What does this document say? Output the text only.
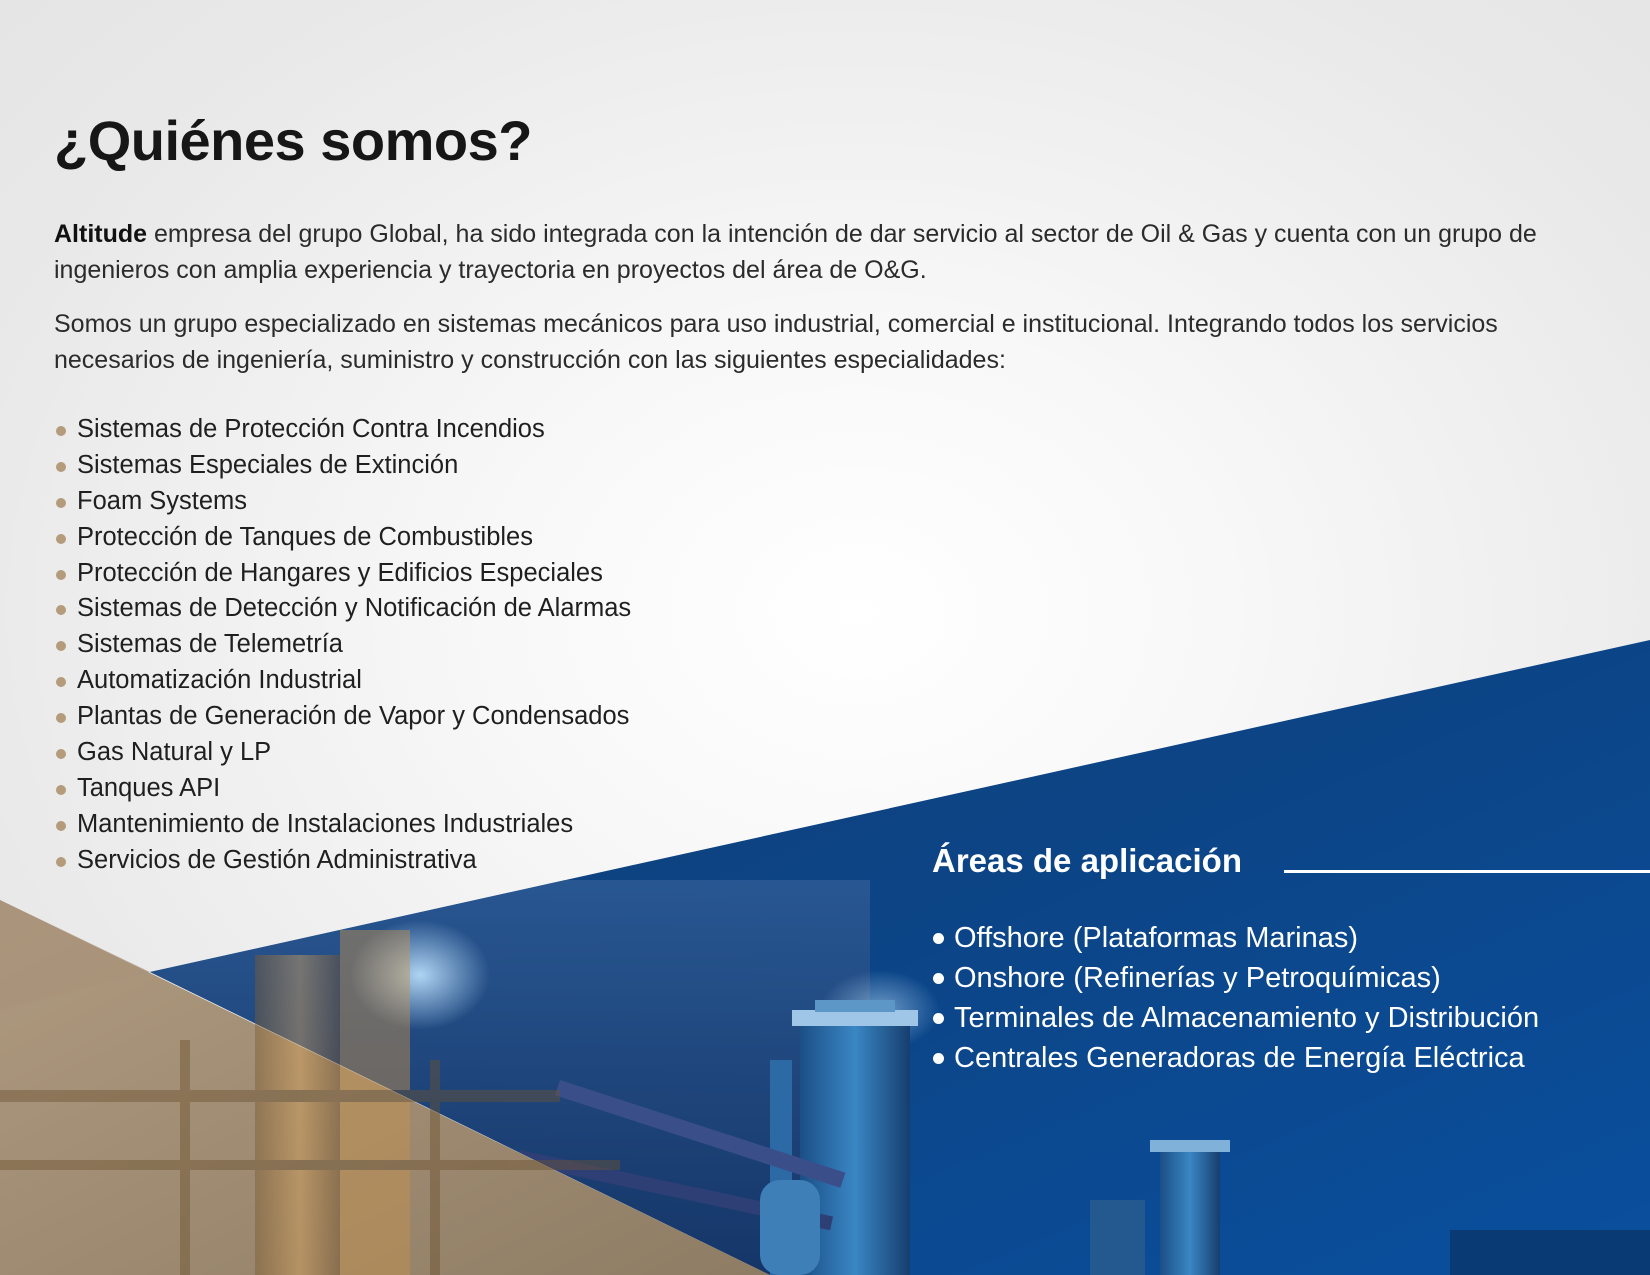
¿Quiénes somos?

Altitude empresa del grupo Global, ha sido integrada con la intención de dar servicio al sector de Oil & Gas y cuenta con un grupo de ingenieros con amplia experiencia y trayectoria en proyectos del área de O&G.

Somos un grupo especializado en sistemas mecánicos para uso industrial, comercial e institucional. Integrando todos los servicios necesarios de ingeniería, suministro y construcción con las siguientes especialidades:

Sistemas de Protección Contra Incendios
Sistemas Especiales de Extinción
Foam Systems
Protección de Tanques de Combustibles
Protección de Hangares y Edificios Especiales
Sistemas de Detección y Notificación de Alarmas
Sistemas de Telemetría
Automatización Industrial
Plantas de Generación de Vapor y Condensados
Gas Natural y LP
Tanques API
Mantenimiento de Instalaciones Industriales
Servicios de Gestión Administrativa	Áreas de aplicación
Offshore (Plataformas Marinas)
Onshore (Refinerías y Petroquímicas)
Terminales de Almacenamiento y Distribución
Centrales Generadoras de Energía Eléctrica
